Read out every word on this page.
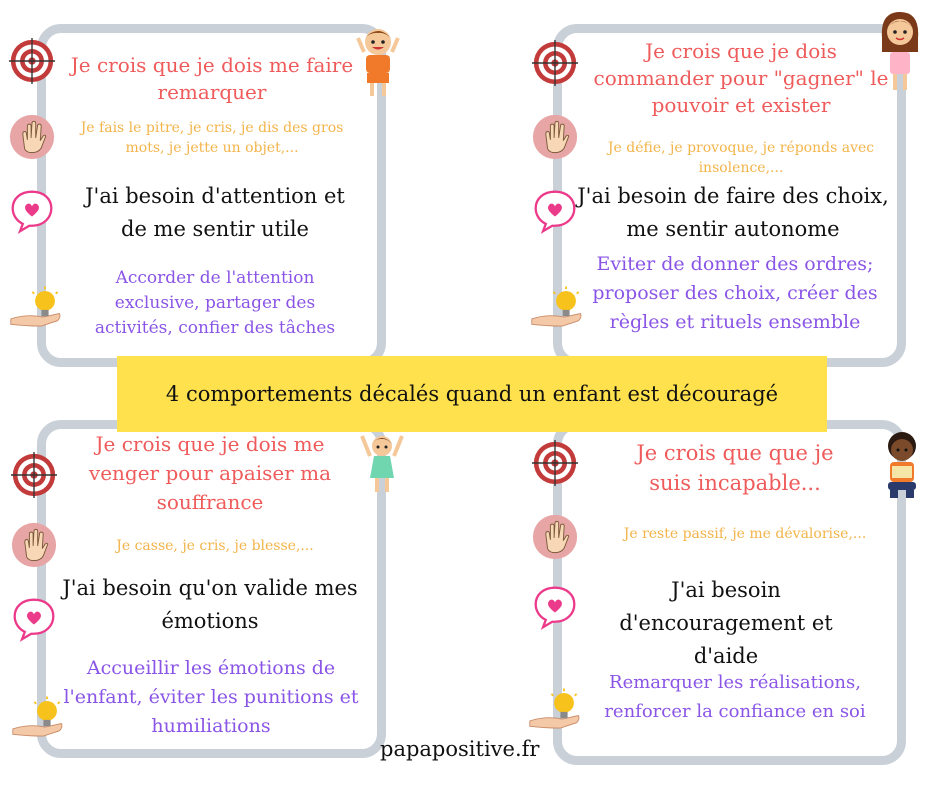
Je crois que je dois me faire remarquer

Je fais le pitre, je cris, je dis des gros mots, je jette un objet,...

J'ai besoin d'attention et de me sentir utile

Accorder de l'attention exclusive, partager des activités, confier des tâches

Je crois que je dois commander pour "gagner" le pouvoir et exister

Je défie, je provoque, je réponds avec insolence,...

J'ai besoin de faire des choix, me sentir autonome

Eviter de donner des ordres; proposer des choix, créer des règles et rituels ensemble

Je crois que je dois me venger pour apaiser ma souffrance

Je casse, je cris, je blesse,...

J'ai besoin qu'on valide mes émotions

Accueillir les émotions de l'enfant, éviter les punitions et humiliations

Je crois que que je suis incapable...

Je reste passif, je me dévalorise,...

J'ai besoin d'encouragement et d'aide

Remarquer les réalisations, renforcer la confiance en soi

4 comportements décalés quand un enfant est découragé
papapositive.fr
